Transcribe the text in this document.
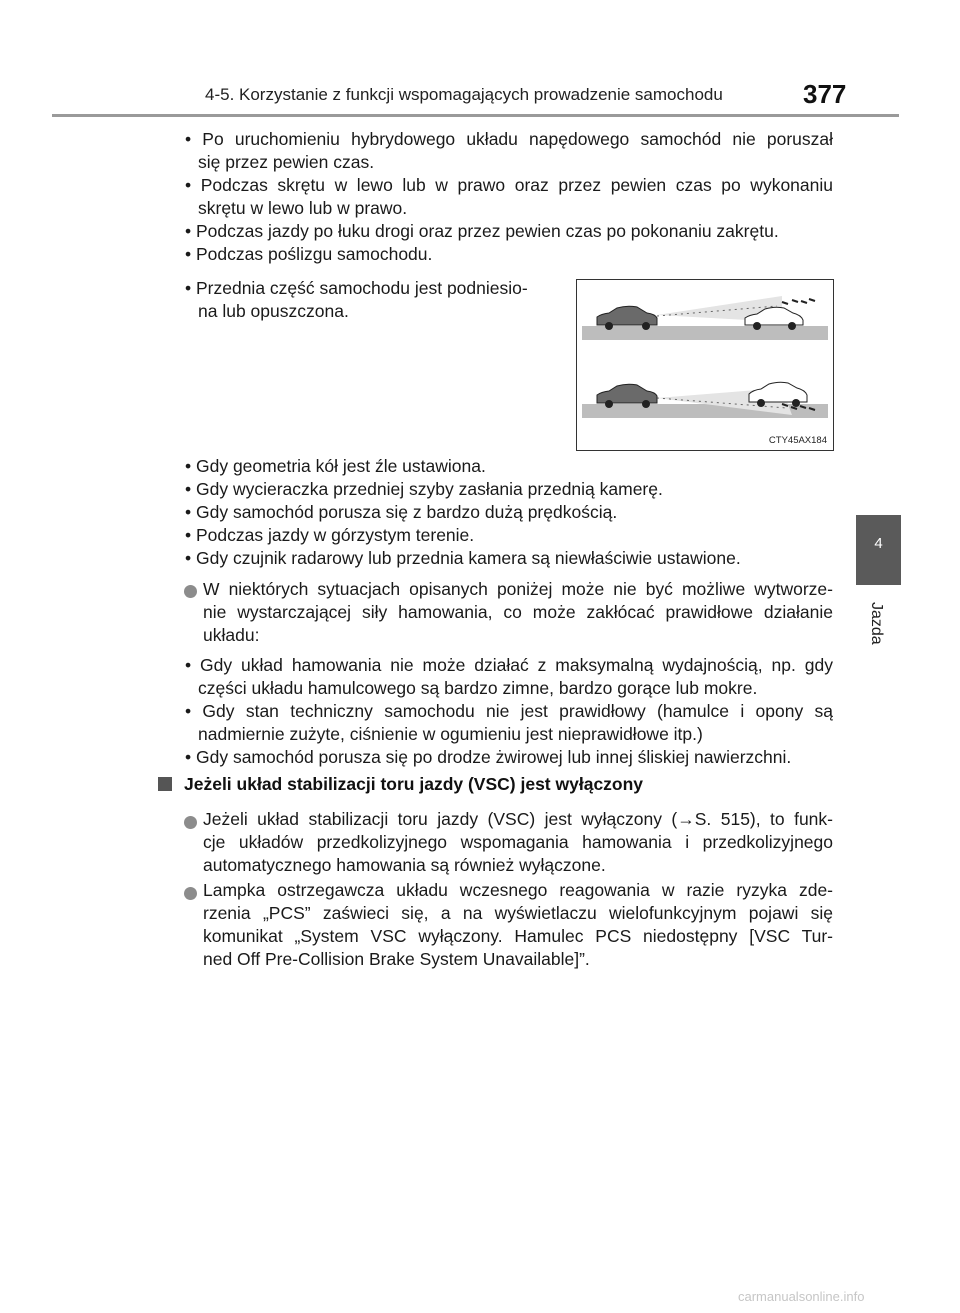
4-5. Korzystanie z funkcji wspomagających prowadzenie samochodu	377
4
Jazda
• Po uruchomieniu hybrydowego układu napędowego samochód nie poruszał
się przez pewien czas.
• Podczas skrętu w lewo lub w prawo oraz przez pewien czas po wykonaniu
skrętu w lewo lub w prawo.
• Podczas jazdy po łuku drogi oraz przez pewien czas po pokonaniu zakrętu.
• Podczas poślizgu samochodu.
• Przednia część samochodu jest podniesio-
na lub opuszczona.
CTY45AX184
• Gdy geometria kół jest źle ustawiona.
• Gdy wycieraczka przedniej szyby zasłania przednią kamerę.
• Gdy samochód porusza się z bardzo dużą prędkością.
• Podczas jazdy w górzystym terenie.
• Gdy czujnik radarowy lub przednia kamera są niewłaściwie ustawione.
W niektórych sytuacjach opisanych poniżej może nie być możliwe wytworze-
nie wystarczającej siły hamowania, co może zakłócać prawidłowe działanie
układu:
• Gdy układ hamowania nie może działać z maksymalną wydajnością, np. gdy
części układu hamulcowego są bardzo zimne, bardzo gorące lub mokre.
• Gdy stan techniczny samochodu nie jest prawidłowy (hamulce i opony są
nadmiernie zużyte, ciśnienie w ogumieniu jest nieprawidłowe itp.)
• Gdy samochód porusza się po drodze żwirowej lub innej śliskiej nawierzchni.
Jeżeli układ stabilizacji toru jazdy (VSC) jest wyłączony
Jeżeli układ stabilizacji toru jazdy (VSC) jest wyłączony (→S. 515), to funk-
cje układów przedkolizyjnego wspomagania hamowania i przedkolizyjnego
automatycznego hamowania są również wyłączone.
Lampka ostrzegawcza układu wczesnego reagowania w razie ryzyka zde-
rzenia „PCS” zaświeci się, a na wyświetlaczu wielofunkcyjnym pojawi się
komunikat „System VSC wyłączony. Hamulec PCS niedostępny [VSC Tur-
ned Off Pre-Collision Brake System Unavailable]”.
carmanualsonline.info
